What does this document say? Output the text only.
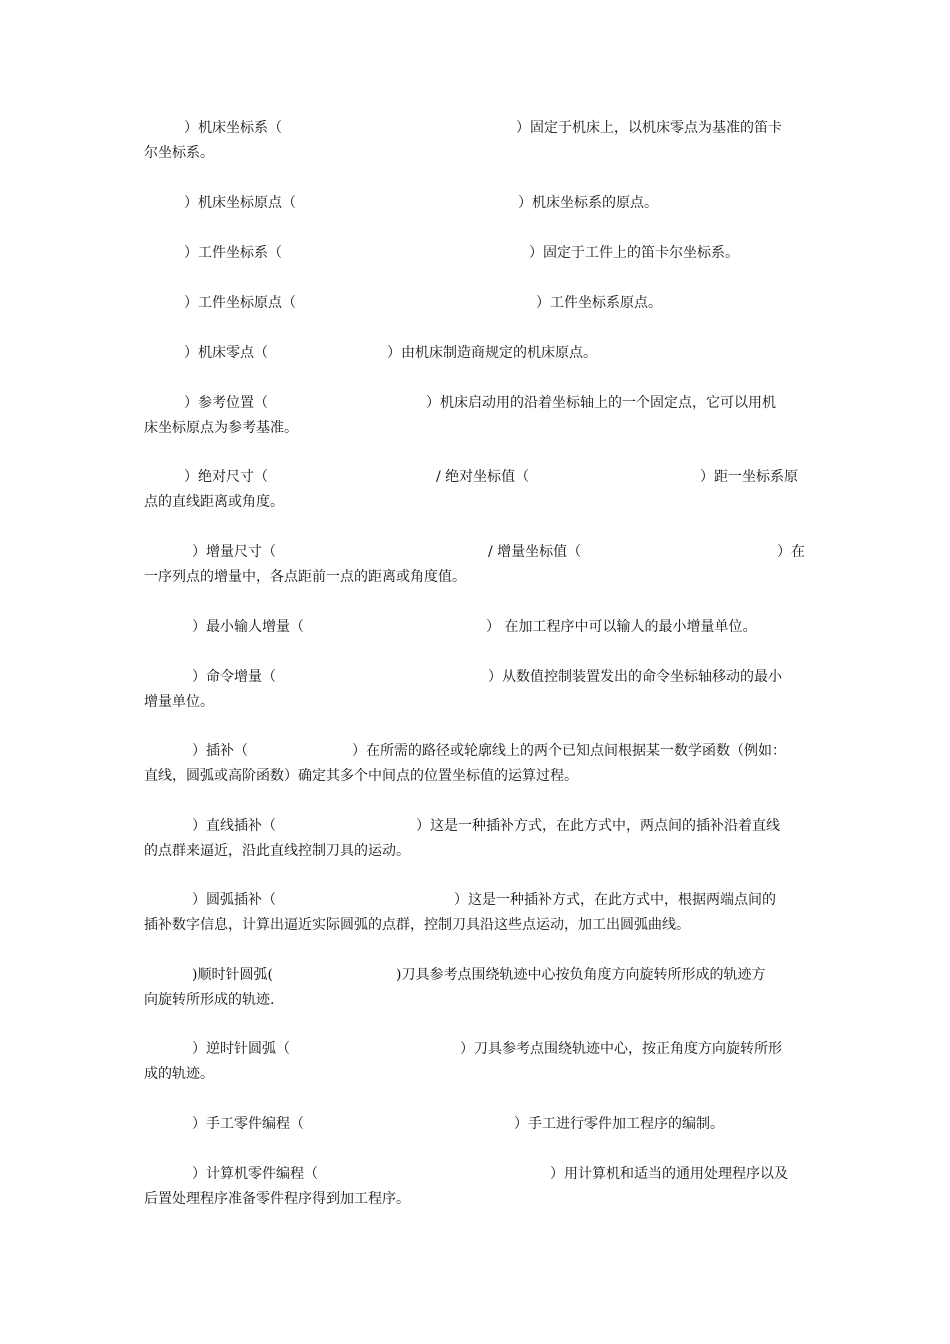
）机床坐标系（	）固定于机床上，以机床零点为基准的笛卡
尔坐标系。
）机床坐标原点（	）机床坐标系的原点。
）工件坐标系（	）固定于工件上的笛卡尔坐标系。
）工件坐标原点（	）工件坐标系原点。
）机床零点（	）由机床制造商规定的机床原点。
）参考位置（	）机床启动用的沿着坐标轴上的一个固定点，它可以用机
床坐标原点为参考基准。
）绝对尺寸（	/ 绝对坐标值（	）距一坐标系原
点的直线距离或角度。
）增量尺寸（	/ 增量坐标值（	）在
一序列点的增量中，各点距前一点的距离或角度值。
）最小输人增量（	） 在加工程序中可以输人的最小增量单位。
）命令增量（	）从数值控制装置发出的命令坐标轴移动的最小
增量单位。
）插补（	）在所需的路径或轮廓线上的两个已知点间根据某一数学函数（例如：
直线，圆弧或高阶函数）确定其多个中间点的位置坐标值的运算过程。
）直线插补（	）这是一种插补方式，在此方式中，两点间的插补沿着直线
的点群来逼近，沿此直线控制刀具的运动。
）圆弧插补（	）这是一种插补方式，在此方式中，根据两端点间的
插补数字信息，计算出逼近实际圆弧的点群，控制刀具沿这些点运动，加工出圆弧曲线。
)顺时针圆弧(	)刀具参考点围绕轨迹中心按负角度方向旋转所形成的轨迹方
向旋转所形成的轨迹.
）逆时针圆弧（	）刀具参考点围绕轨迹中心，按正角度方向旋转所形
成的轨迹。
）手工零件编程（	）手工进行零件加工程序的编制。
）计算机零件编程（	）用计算机和适当的通用处理程序以及
后置处理程序准备零件程序得到加工程序。
